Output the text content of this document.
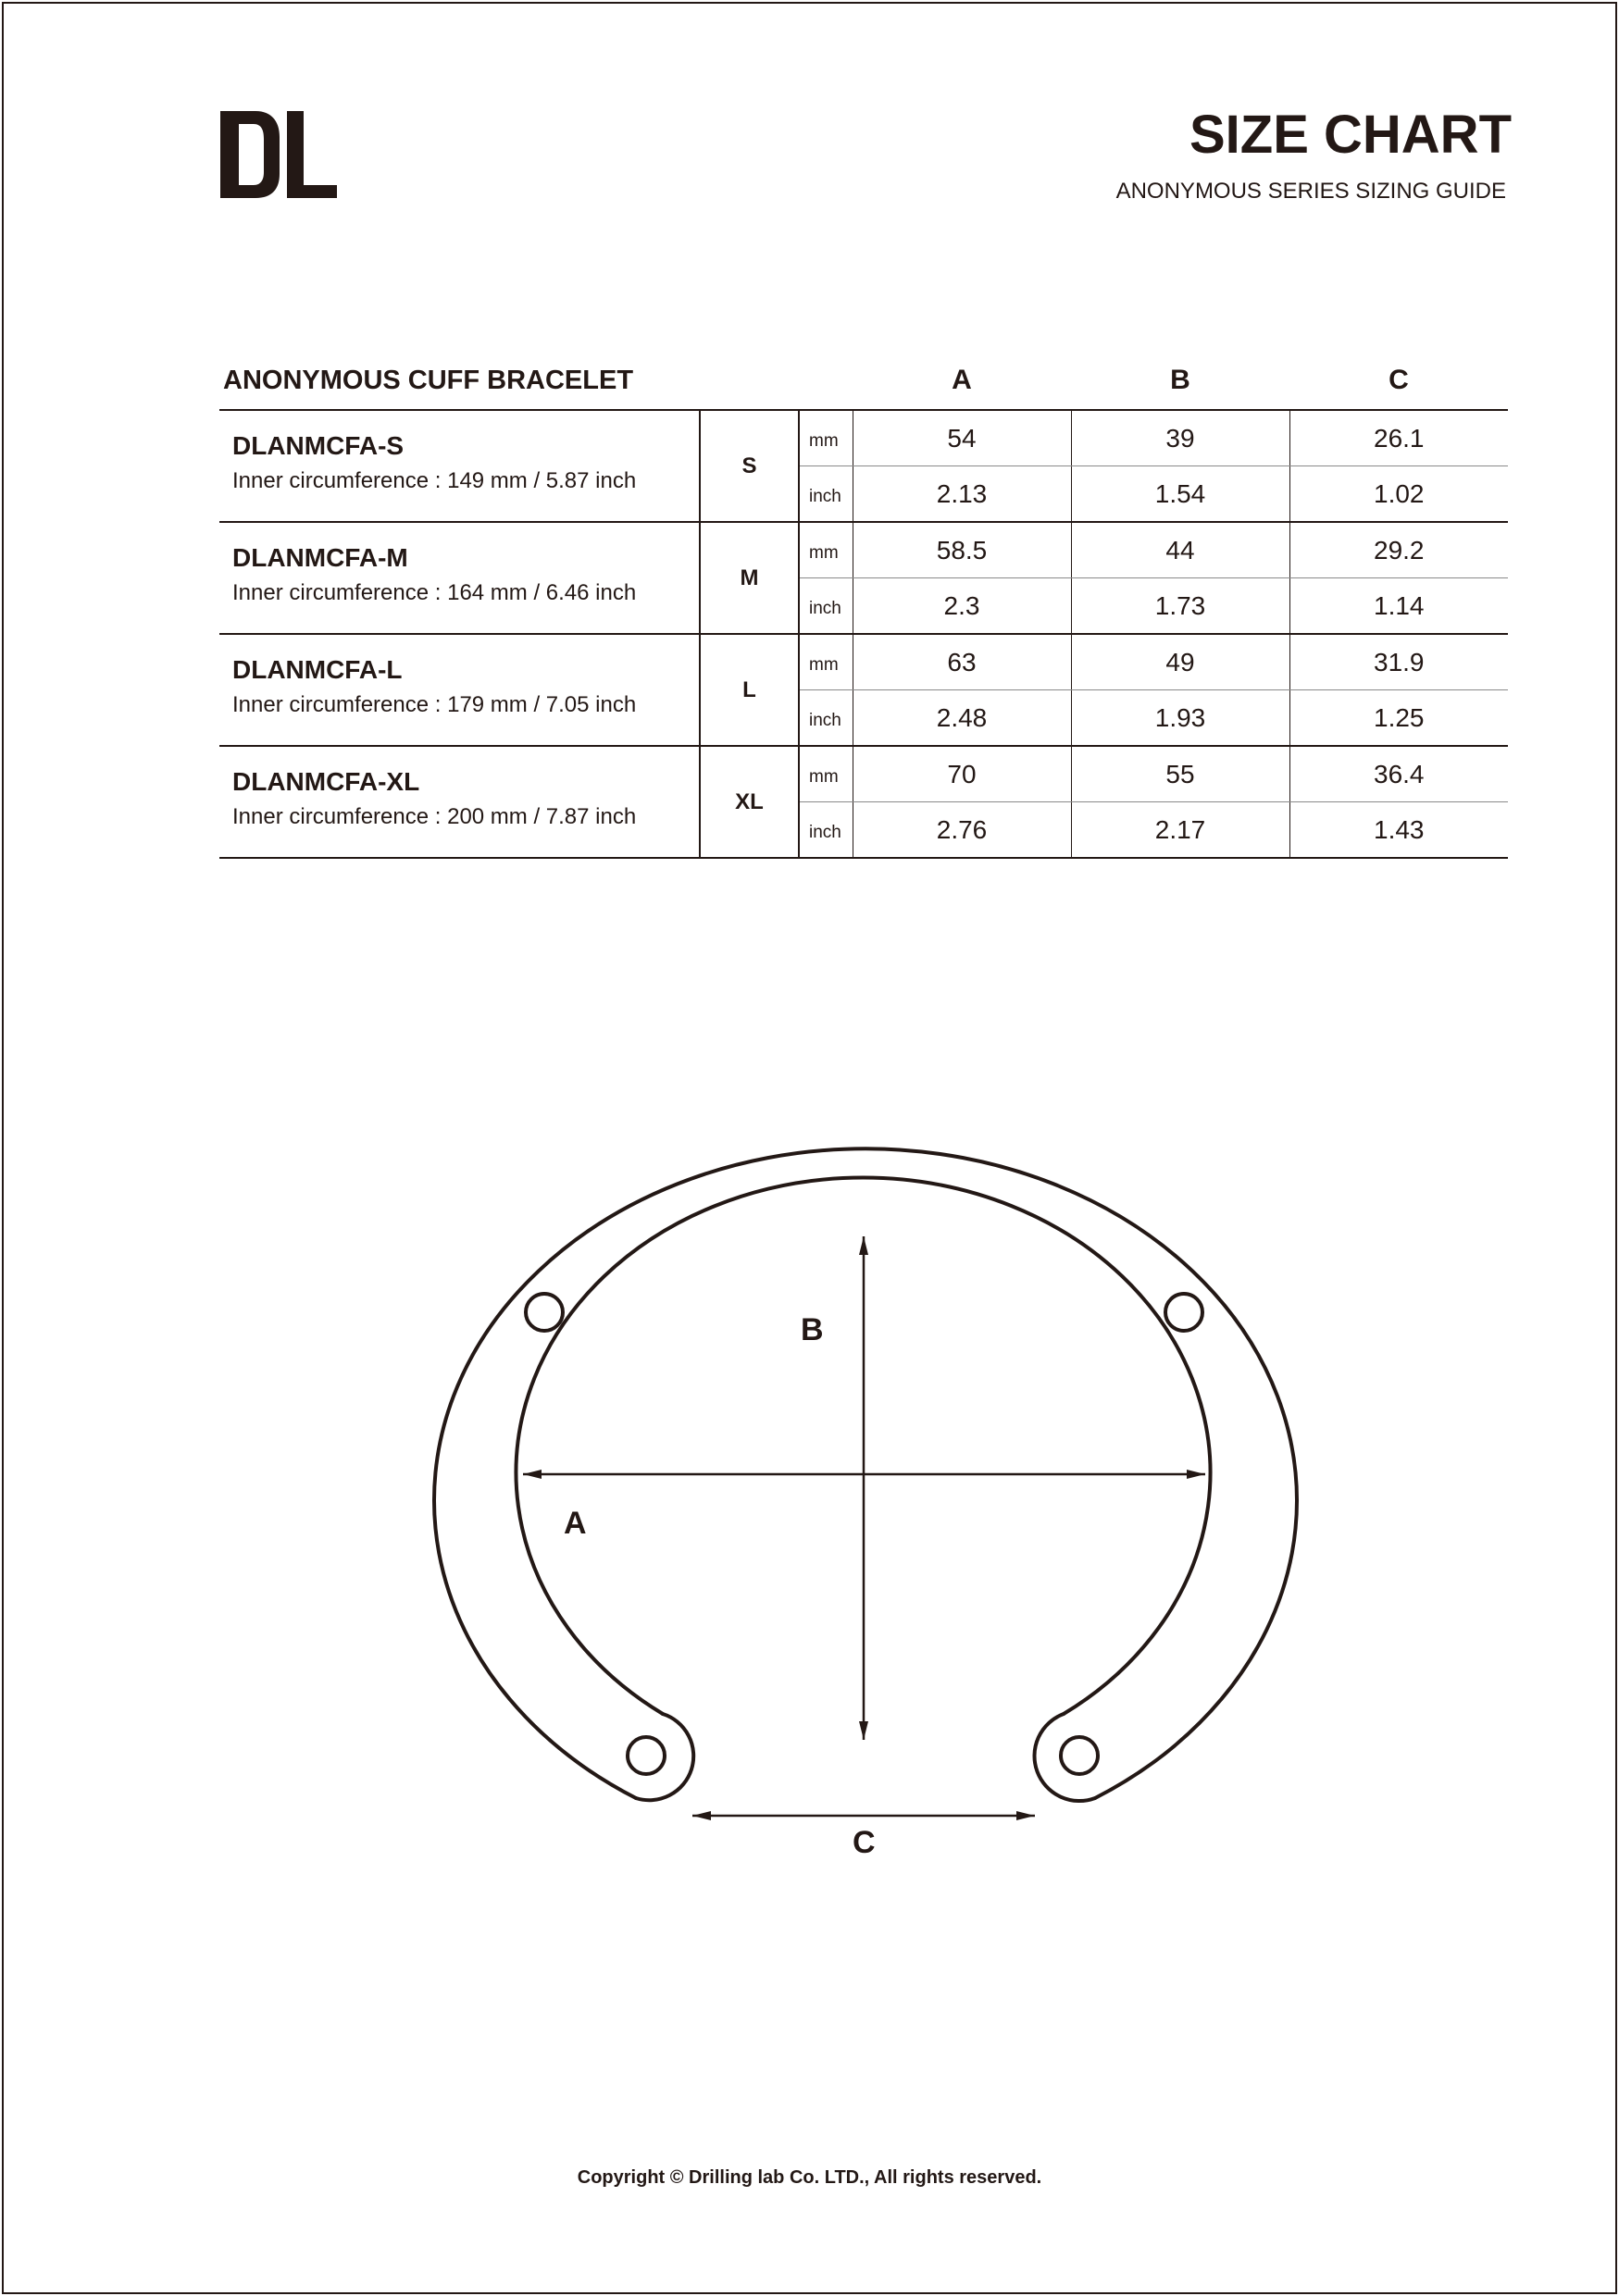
SIZE CHART
ANONYMOUS SERIES SIZING GUIDE
ANONYMOUS CUFF BRACELET			A	B	C

DLANMCFA-S
Inner circumference : 149 mm / 5.87 inch	S	mm	54	39	26.1
		inch	2.13	1.54	1.02

DLANMCFA-M
Inner circumference : 164 mm / 6.46 inch	M	mm	58.5	44	29.2
		inch	2.3	1.73	1.14

DLANMCFA-L
Inner circumference : 179 mm / 7.05 inch	L	mm	63	49	31.9
		inch	2.48	1.93	1.25

DLANMCFA-XL
Inner circumference : 200 mm / 7.87 inch	XL	mm	70	55	36.4
		inch	2.76	2.17	1.43
A
B
C
Copyright © Drilling lab Co. LTD., All rights reserved.
